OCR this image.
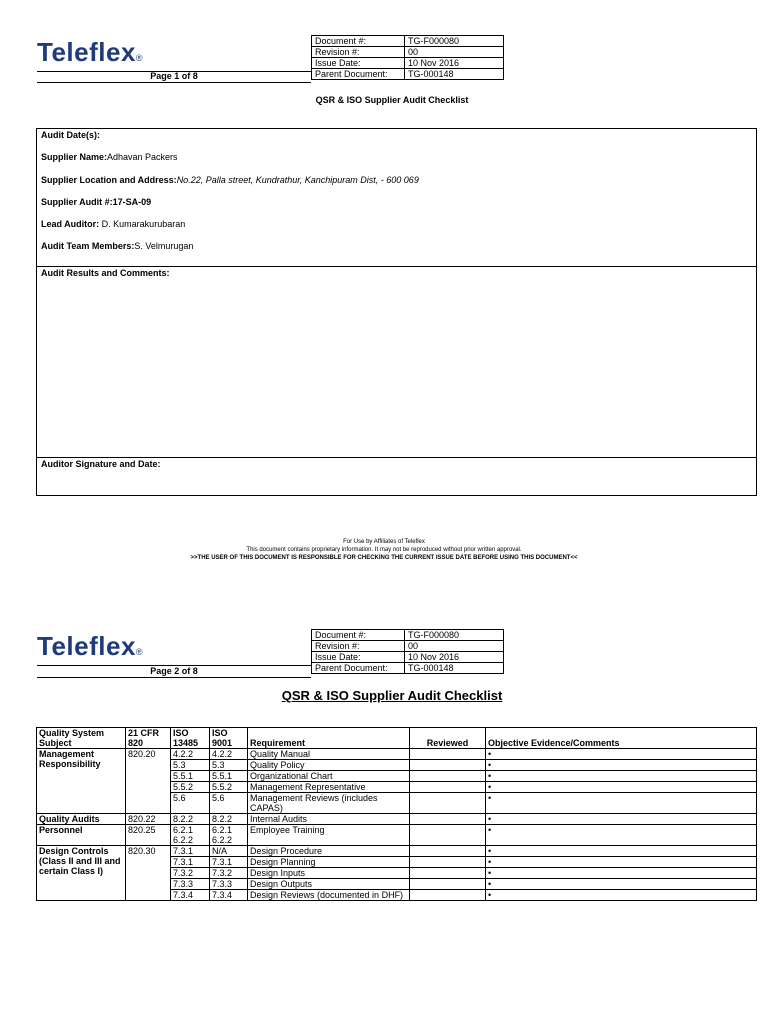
Teleflex®
Document #:	TG-F000080
Revision #:	00
Issue Date:	10 Nov 2016
Parent Document:	TG-000148
Page 1 of 8
QSR & ISO Supplier Audit Checklist
Audit Date(s):
Supplier Name:Adhavan Packers
Supplier Location and Address:No.22, Palla street, Kundrathur, Kanchipuram Dist, - 600 069
Supplier Audit #:17-SA-09
Lead Auditor: D. Kumarakurubaran
Audit Team Members:S. Velmurugan
Audit Results and Comments:
Auditor Signature and Date:
For Use by Affiliates of Teleflex
This document contains proprietary information. It may not be reproduced without prior written approval.
>>THE USER OF THIS DOCUMENT IS RESPONSIBLE FOR CHECKING THE CURRENT ISSUE DATE BEFORE USING THIS DOCUMENT<<
Teleflex®
Document #:	TG-F000080
Revision #:	00
Issue Date:	10 Nov 2016
Parent Document:	TG-000148
Page 2 of 8
QSR & ISO Supplier Audit Checklist
Quality System Subject	21 CFR 820	ISO 13485	ISO 9001	Requirement	Reviewed	Objective Evidence/Comments
Management Responsibility	820.20	4.2.2	4.2.2	Quality Manual		•
		5.3	5.3	Quality Policy		•
		5.5.1	5.5.1	Organizational Chart		•
		5.5.2	5.5.2	Management Representative		•
		5.6	5.6	Management Reviews (includes CAPAS)		•
Quality Audits	820.22	8.2.2	8.2.2	Internal Audits		•
Personnel	820.25	6.2.1 6.2.2	6.2.1 6.2.2	Employee Training		•
Design Controls (Class II and III and certain Class I)	820.30	7.3.1	N/A	Design Procedure		•
		7.3.1	7.3.1	Design Planning		•
		7.3.2	7.3.2	Design Inputs		•
		7.3.3	7.3.3	Design Outputs		•
		7.3.4	7.3.4	Design Reviews (documented in DHF)		•
